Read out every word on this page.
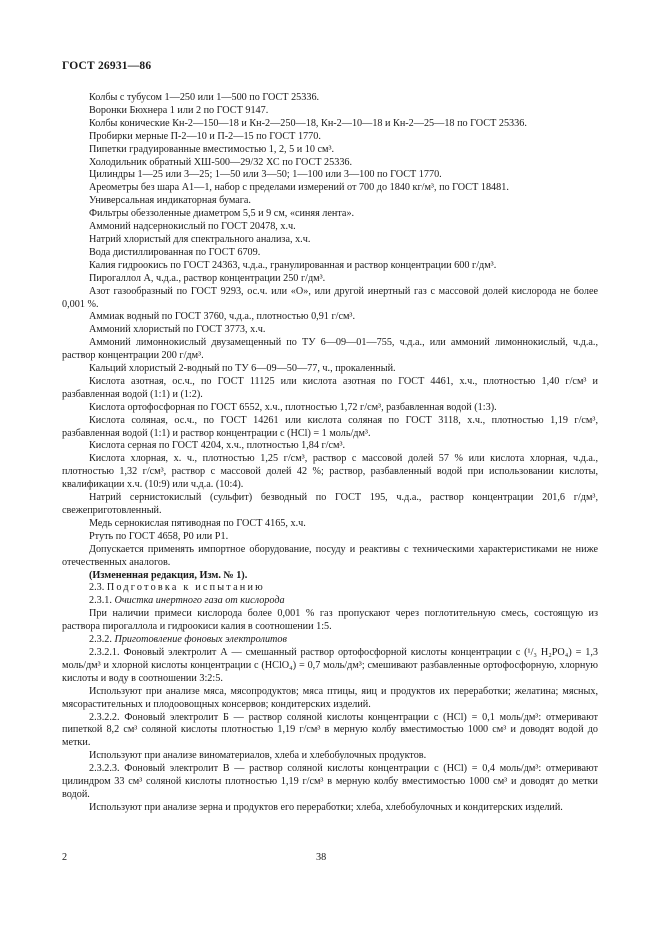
ГОСТ 26931—86

Колбы с тубусом 1—250 или 1—500 по ГОСТ 25336.

Воронки Бюхнера 1 или 2 по ГОСТ 9147.

Колбы конические Кн-2—150—18 и Кн-2—250—18, Кн-2—10—18 и Кн-2—25—18 по ГОСТ 25336.

Пробирки мерные П-2—10 и П-2—15 по ГОСТ 1770.

Пипетки градуированные вместимостью 1, 2, 5 и 10 см³.

Холодильник обратный ХШ-500—29/32 ХС по ГОСТ 25336.

Цилиндры 1—25 или 3—25; 1—50 или 3—50; 1—100 или 3—100 по ГОСТ 1770.

Ареометры без шара А1—1, набор с пределами измерений от 700 до 1840 кг/м³, по ГОСТ 18481.

Универсальная индикаторная бумага.

Фильтры обеззоленные диаметром 5,5 и 9 см, «синяя лента».

Аммоний надсернокислый по ГОСТ 20478, х.ч.

Натрий хлористый для спектрального анализа, х.ч.

Вода дистиллированная по ГОСТ 6709.

Калия гидроокись по ГОСТ 24363, ч.д.а., гранулированная и раствор концентрации 600 г/дм³.

Пирогаллол А, ч.д.а., раствор концентрации 250 г/дм³.

Азот газообразный по ГОСТ 9293, ос.ч. или «О», или другой инертный газ с массовой долей кислорода не более 0,001 %.

Аммиак водный по ГОСТ 3760, ч.д.а., плотностью 0,91 г/см³.

Аммоний хлористый по ГОСТ 3773, х.ч.

Аммоний лимоннокислый двузамещенный по ТУ 6—09—01—755, ч.д.а., или аммоний лимоннокислый, ч.д.а., раствор концентрации 200 г/дм³.

Кальций хлористый 2-водный по ТУ 6—09—50—77, ч., прокаленный.

Кислота азотная, ос.ч., по ГОСТ 11125 или кислота азотная по ГОСТ 4461, х.ч., плотностью 1,40 г/см³ и разбавленная водой (1:1) и (1:2).

Кислота ортофосфорная по ГОСТ 6552, х.ч., плотностью 1,72 г/см³, разбавленная водой (1:3).

Кислота соляная, ос.ч., по ГОСТ 14261 или кислота соляная по ГОСТ 3118, х.ч., плотностью 1,19 г/см³, разбавленная водой (1:1) и раствор концентрации c (HCl) = 1 моль/дм³.

Кислота серная по ГОСТ 4204, х.ч., плотностью 1,84 г/см³.

Кислота хлорная, х. ч., плотностью 1,25 г/см³, раствор с массовой долей 57 % или кислота хлорная, ч.д.а., плотностью 1,32 г/см³, раствор с массовой долей 42 %; раствор, разбавленный водой при использовании кислоты, квалификации х.ч. (10:9) или ч.д.а. (10:4).

Натрий сернистокислый (сульфит) безводный по ГОСТ 195, ч.д.а., раствор концентрации 201,6 г/дм³, свежеприготовленный.

Медь сернокислая пятиводная по ГОСТ 4165, х.ч.

Ртуть по ГОСТ 4658, Р0 или Р1.

Допускается применять импортное оборудование, посуду и реактивы с техническими характеристиками не ниже отечественных аналогов.

(Измененная редакция, Изм. № 1).

2.3. Подготовка к испытанию

2.3.1. Очистка инертного газа от кислорода

При наличии примеси кислорода более 0,001 % газ пропускают через поглотительную смесь, состоящую из раствора пирогаллола и гидроокиси калия в соотношении 1:5.

2.3.2. Приготовление фоновых электролитов

2.3.2.1. Фоновый электролит А — смешанный раствор ортофосфорной кислоты концентрации c (¹/₃ H₂PO₄) = 1,3 моль/дм³ и хлорной кислоты концентрации c (HClO₄) = 0,7 моль/дм³; смешивают разбавленные ортофосфорную, хлорную кислоты и воду в соотношении 3:2:5.

Используют при анализе мяса, мясопродуктов; мяса птицы, яиц и продуктов их переработки; желатина; мясных, мясорастительных и плодоовощных консервов; кондитерских изделий.

2.3.2.2. Фоновый электролит Б — раствор соляной кислоты концентрации c (HCl) = 0,1 моль/дм³: отмеривают пипеткой 8,2 см³ соляной кислоты плотностью 1,19 г/см³ в мерную колбу вместимостью 1000 см³ и доводят водой до метки.

Используют при анализе виноматериалов, хлеба и хлебобулочных продуктов.

2.3.2.3. Фоновый электролит В — раствор соляной кислоты концентрации c (HCl) = 0,4 моль/дм³: отмеривают цилиндром 33 см³ соляной кислоты плотностью 1,19 г/см³ в мерную колбу вместимостью 1000 см³ и доводят до метки водой.

Используют при анализе зерна и продуктов его переработки; хлеба, хлебобулочных и кондитерских изделий.

2	38
